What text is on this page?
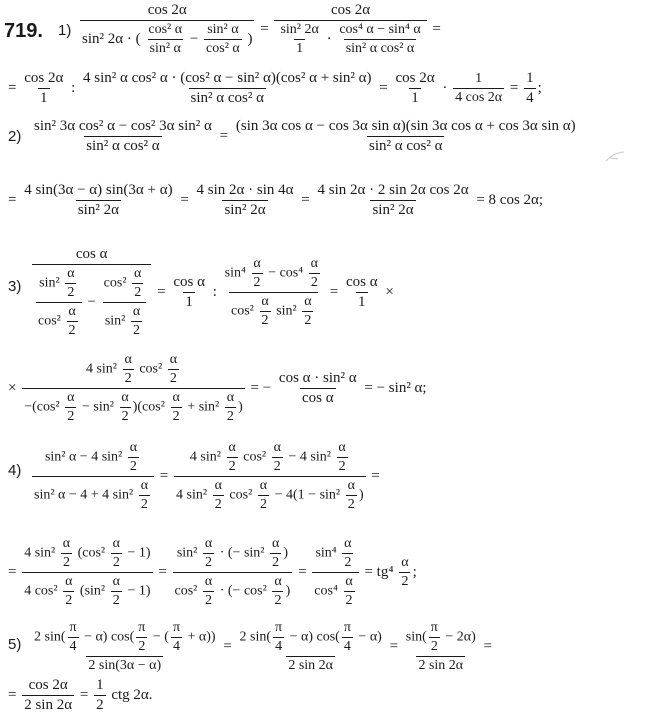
719. $1) \frac{\cos 2\alpha}{\sin^2 2\alpha \cdot ( \frac{\text{cos² α}}{\text{sin² α}} - \frac{\text{sin² α}}{\text{cos² α}} )} = \frac{\cos 2\alpha}{\frac{\text{sin² 2α}}{1} \cdot \frac{\text{cos⁴ α − sin⁴ α}}{\text{sin² α cos² α}}}$ =
= $\frac{\cos 2\alpha}{1}$ : $\frac{\text{4 sin² α cos² α · (cos² α − sin² α)(cos² α + sin² α)}}{\text{sin² α cos² α}} = \frac{\cos 2\alpha}{1} \cdot \frac{1}{4 \cos 2\alpha} = \frac{1}{4}$ ;
$2) \frac{\text{sin² 3α cos² α − cos² 3α sin² α}}{\text{sin² α cos² α}} = \frac{\text{(sin 3α cos α − cos 3α sin α)(sin 3α cos α + cos 3α sin α)}}{\text{sin² α cos² α}}$
= $\frac{4 \sin(3\alpha - \alpha) \sin(3\alpha + \alpha)}{\text{sin² 2α}} = \frac{4 \sin 2\alpha \cdot \sin 4\alpha}{\text{sin² 2α}} = \frac{\text{4 sin 2α · 2 sin 2α cos 2α}}{\text{sin² 2α}} = 8$ cos 2α;
$3) \frac{\text{cos α}}{\frac{\sin^2 \frac{\alpha}{2}}{\cos^2 \frac{\alpha}{2}} - \frac{\cos^2 \frac{\alpha}{2}}{\sin^2 \frac{\alpha}{2}}} = \frac{\text{cos α}}{1}$ : $\frac{\sin^4 \frac{\alpha}{2} - \cos^4 \frac{\alpha}{2}}{\cos^2 \frac{\alpha}{2} \sin^2 \frac{\alpha}{2}} = \frac{\text{cos α}}{1}$ ×
× $\frac{4 \sin^2 \frac{\alpha}{2} \cos^2 \frac{\alpha}{2}}{-(\cos^2 \frac{\alpha}{2} - \sin^2 \frac{\alpha}{2} )(\cos^2 \frac{\alpha}{2} + \sin^2 \frac{\alpha}{2} )}$ = − $\frac{\text{cos α · sin² α}}{\text{cos α}}$ = − sin² α;
$4) \frac{\sin^2 \alpha - 4 \sin^2 \frac{\alpha}{2}}{\sin^2 \alpha - 4 + 4 \sin^2 \frac{\alpha}{2}} = \frac{4 \sin^2 \frac{\alpha}{2} \cos^2 \frac{\alpha}{2} - 4 \sin^2 \frac{\alpha}{2}}{4 \sin^2 \frac{\alpha}{2} \cos^2 \frac{\alpha}{2} - 4(1 - \sin^2 \frac{\alpha}{2} )}$ =
= $\frac{4 \sin^2 \frac{\alpha}{2} (\cos^2 \frac{\alpha}{2} - 1)}{4 \cos^2 \frac{\alpha}{2} (\sin^2 \frac{\alpha}{2} - 1)} = \frac{\sin^2 \frac{\alpha}{2} \cdot (- \sin^2 \frac{\alpha}{2} )}{\cos^2 \frac{\alpha}{2} \cdot (- \cos^2 \frac{\alpha}{2} )} = \frac{\sin^4 \frac{\alpha}{2}}{\cos^4 \frac{\alpha}{2}} = tg^4 \frac{\alpha}{2}$ ;
$5) \frac{2 \sin( \frac{\pi}{4} - \alpha) \cos( \frac{\pi}{2} - ( \frac{\pi}{4} + \alpha))}{2 \sin(3\alpha - \alpha)} = \frac{2 \sin( \frac{\pi}{4} - \alpha) \cos( \frac{\pi}{4} - \alpha)}{2 \sin 2\alpha} = \frac{\sin( \frac{\pi}{2} - 2\alpha)}{2 \sin 2\alpha}$ =
= $\frac{\cos 2\alpha}{2 \sin 2\alpha} = \frac{1}{2}$ ctg 2α.
